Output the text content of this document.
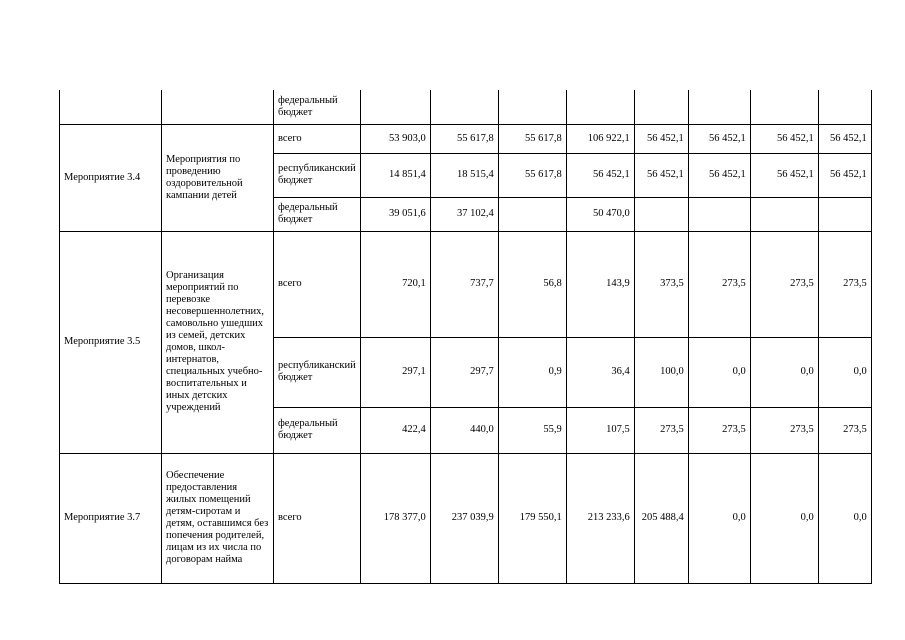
		федеральный бюджет								
Мероприятие 3.4	Мероприятия по проведению оздоровительной кампании детей	всего	53 903,0	55 617,8	55 617,8	106 922,1	56 452,1	56 452,1	56 452,1	56 452,1
		республиканский бюджет	14 851,4	18 515,4	55 617,8	56 452,1	56 452,1	56 452,1	56 452,1	56 452,1
		федеральный бюджет	39 051,6	37 102,4		50 470,0				
Мероприятие 3.5	Организация мероприятий по перевозке несовершеннолетних, самовольно ушедших из семей, детских домов, школ-интернатов, специальных учебно-воспитательных и иных детских учреждений	всего	720,1	737,7	56,8	143,9	373,5	273,5	273,5	273,5
		республиканский бюджет	297,1	297,7	0,9	36,4	100,0	0,0	0,0	0,0
		федеральный бюджет	422,4	440,0	55,9	107,5	273,5	273,5	273,5	273,5
Мероприятие 3.7	Обеспечение предоставления жилых помещений детям-сиротам и детям, оставшимся без попечения родителей, лицам из их числа по договорам найма	всего	178 377,0	237 039,9	179 550,1	213 233,6	205 488,4	0,0	0,0	0,0
